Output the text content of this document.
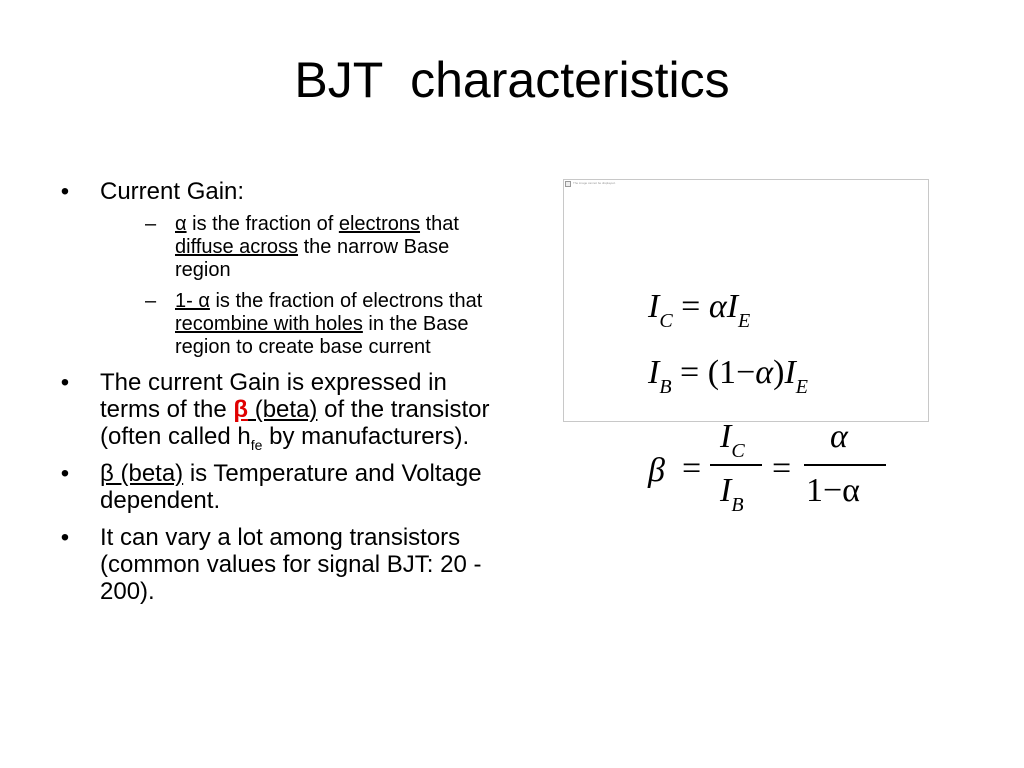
BJT  characteristics
• Current Gain:
– α is the fraction of electrons that diffuse across the narrow Base region
– 1- α is the fraction of electrons that recombine with holes in the Base region to create base current
• The current Gain is expressed in terms of the β (beta) of the transistor (often called $h_{fe}$ by manufacturers).
• β (beta) is Temperature and Voltage dependent.
• It can vary a lot among transistors (common values for signal BJT: 20 - 200).
The image cannot be displayed.
$I_C = \alpha I_E$
$I_B = (1-\alpha)I_E$
β =
$I_C$
$I_B$
=
α
1−α
